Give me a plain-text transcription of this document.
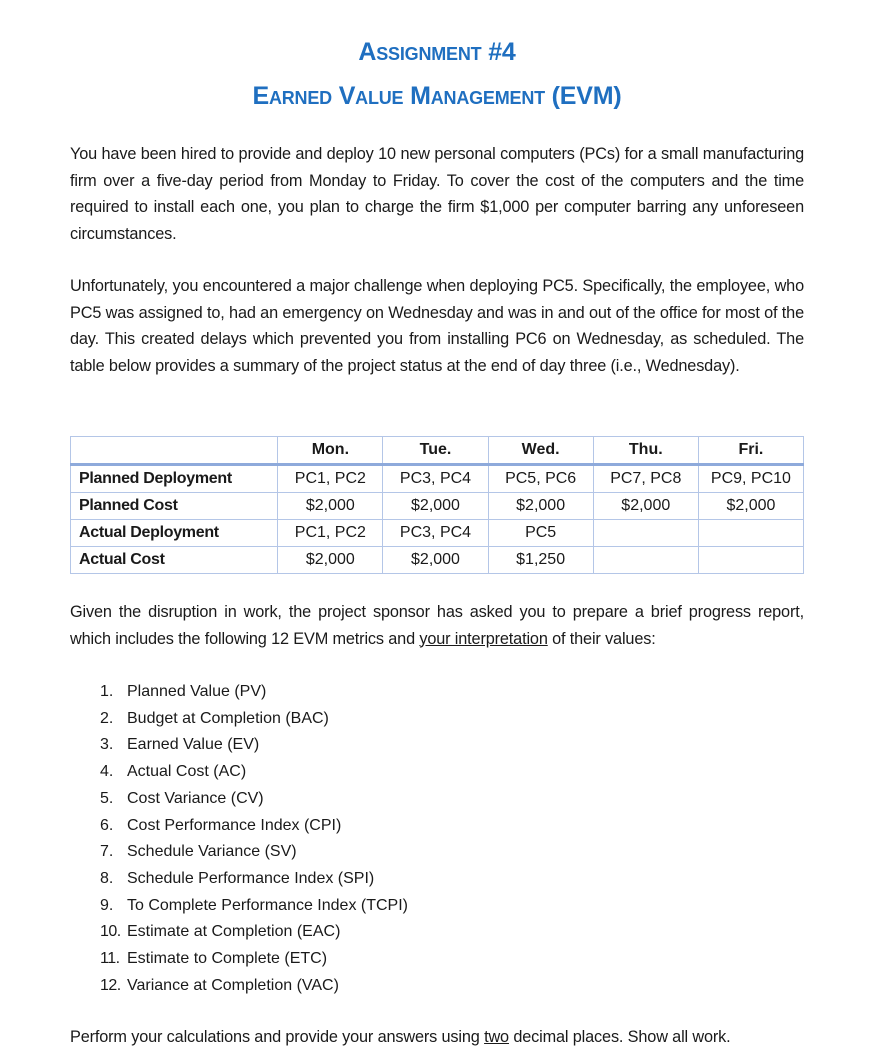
Assignment #4
Earned Value Management (EVM)

You have been hired to provide and deploy 10 new personal computers (PCs) for a small manufacturing firm over a five-day period from Monday to Friday. To cover the cost of the computers and the time required to install each one, you plan to charge the firm $1,000 per computer barring any unforeseen circumstances.

Unfortunately, you encountered a major challenge when deploying PC5. Specifically, the employee, who PC5 was assigned to, had an emergency on Wednesday and was in and out of the office for most of the day. This created delays which prevented you from installing PC6 on Wednesday, as scheduled. The table below provides a summary of the project status at the end of day three (i.e., Wednesday).

	Mon.	Tue.	Wed.	Thu.	Fri.
Planned Deployment	PC1, PC2	PC3, PC4	PC5, PC6	PC7, PC8	PC9, PC10
Planned Cost	$2,000	$2,000	$2,000	$2,000	$2,000
Actual Deployment	PC1, PC2	PC3, PC4	PC5		
Actual Cost	$2,000	$2,000	$1,250		

Given the disruption in work, the project sponsor has asked you to prepare a brief progress report, which includes the following 12 EVM metrics and your interpretation of their values:

1. Planned Value (PV)
2. Budget at Completion (BAC)
3. Earned Value (EV)
4. Actual Cost (AC)
5. Cost Variance (CV)
6. Cost Performance Index (CPI)
7. Schedule Variance (SV)
8. Schedule Performance Index (SPI)
9. To Complete Performance Index (TCPI)
10. Estimate at Completion (EAC)
11. Estimate to Complete (ETC)
12. Variance at Completion (VAC)

Perform your calculations and provide your answers using two decimal places. Show all work.
